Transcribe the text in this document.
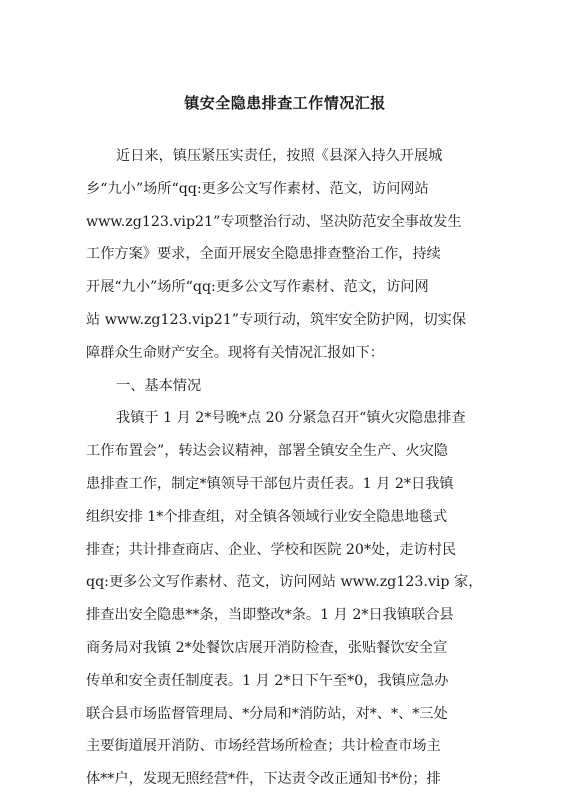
镇安全隐患排查工作情况汇报
近日来，镇压紧压实责任，按照《县深入持久开展城
乡“九小”场所“qq:更多公文写作素材、范文，访问网站
www.zg123.vip21”专项整治行动、坚决防范安全事故发生
工作方案》要求，全面开展安全隐患排查整治工作，持续
开展“九小”场所“qq:更多公文写作素材、范文，访问网
站 www.zg123.vip21”专项行动，筑牢安全防护网，切实保
障群众生命财产安全。现将有关情况汇报如下：
一、基本情况
我镇于 1 月 2*号晚*点 20 分紧急召开“镇火灾隐患排查
工作布置会”，转达会议精神，部署全镇安全生产、火灾隐
患排查工作，制定*镇领导干部包片责任表。1 月 2*日我镇
组织安排 1*个排查组，对全镇各领域行业安全隐患地毯式
排查；共计排查商店、企业、学校和医院 20*处，走访村民
qq:更多公文写作素材、范文，访问网站 www.zg123.vip 家，
排查出安全隐患**条，当即整改*条。1 月 2*日我镇联合县
商务局对我镇 2*处餐饮店展开消防检查，张贴餐饮安全宣
传单和安全责任制度表。1 月 2*日下午至*0，我镇应急办
联合县市场监督管理局、*分局和*消防站，对*、*、*三处
主要街道展开消防、市场经营场所检查；共计检查市场主
体**户，发现无照经营*件，下达责令改正通知书*份；排
